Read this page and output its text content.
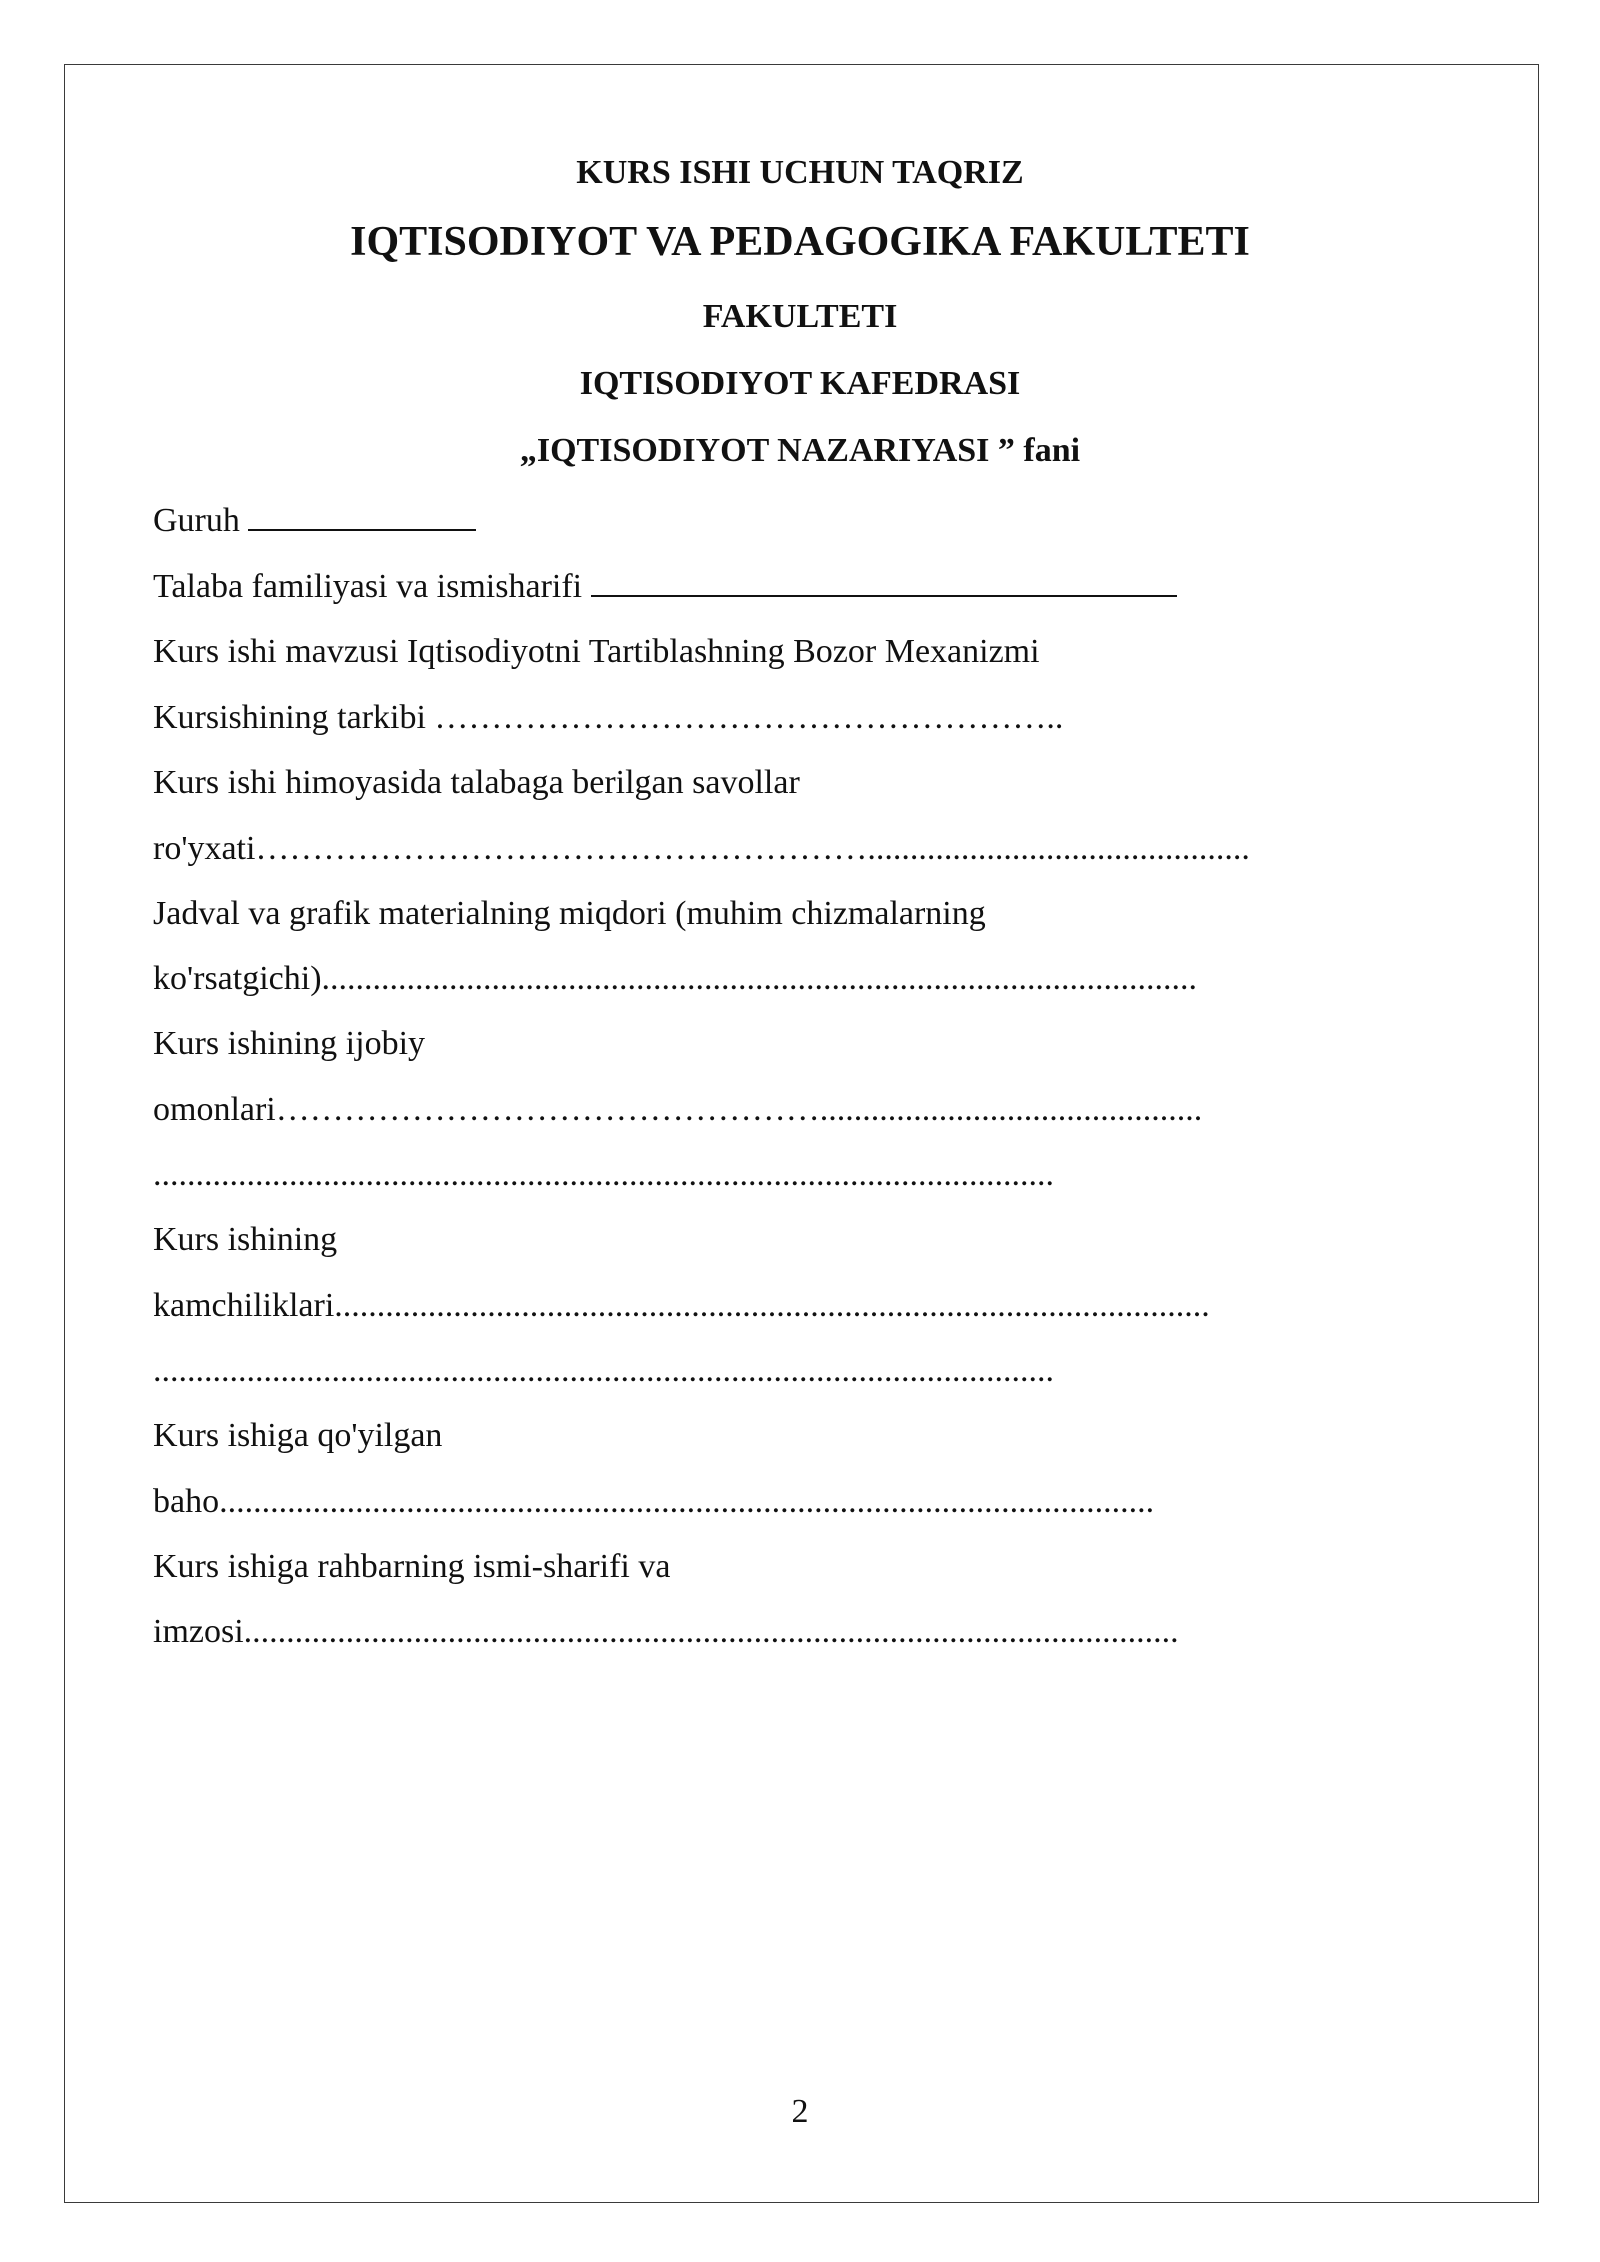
KURS ISHI UCHUN TAQRIZ
IQTISODIYOT VA PEDAGOGIKA FAKULTETI
FAKULTETI
IQTISODIYOT KAFEDRASI
„IQTISODIYOT NAZARIYASI ” fani
Guruh
Talaba familiyasi va ismisharifi
Kurs ishi mavzusi Iqtisodiyotni Tartiblashning Bozor Mexanizmi
Kursishining tarkibi ………………………………………………..
Kurs ishi himoyasida talabaga berilgan savollar
ro'yxati……………………………………………….............................................
Jadval va grafik materialning miqdori (muhim chizmalarning
ko'rsatgichi).......................................................................................................
Kurs ishining ijobiy
omonlari………………………………………….............................................
..........................................................................................................
Kurs ishining
kamchiliklari.......................................................................................................
..........................................................................................................
Kurs ishiga qo'yilgan
baho..............................................................................................................
Kurs ishiga rahbarning ismi-sharifi va
imzosi..............................................................................................................
2
